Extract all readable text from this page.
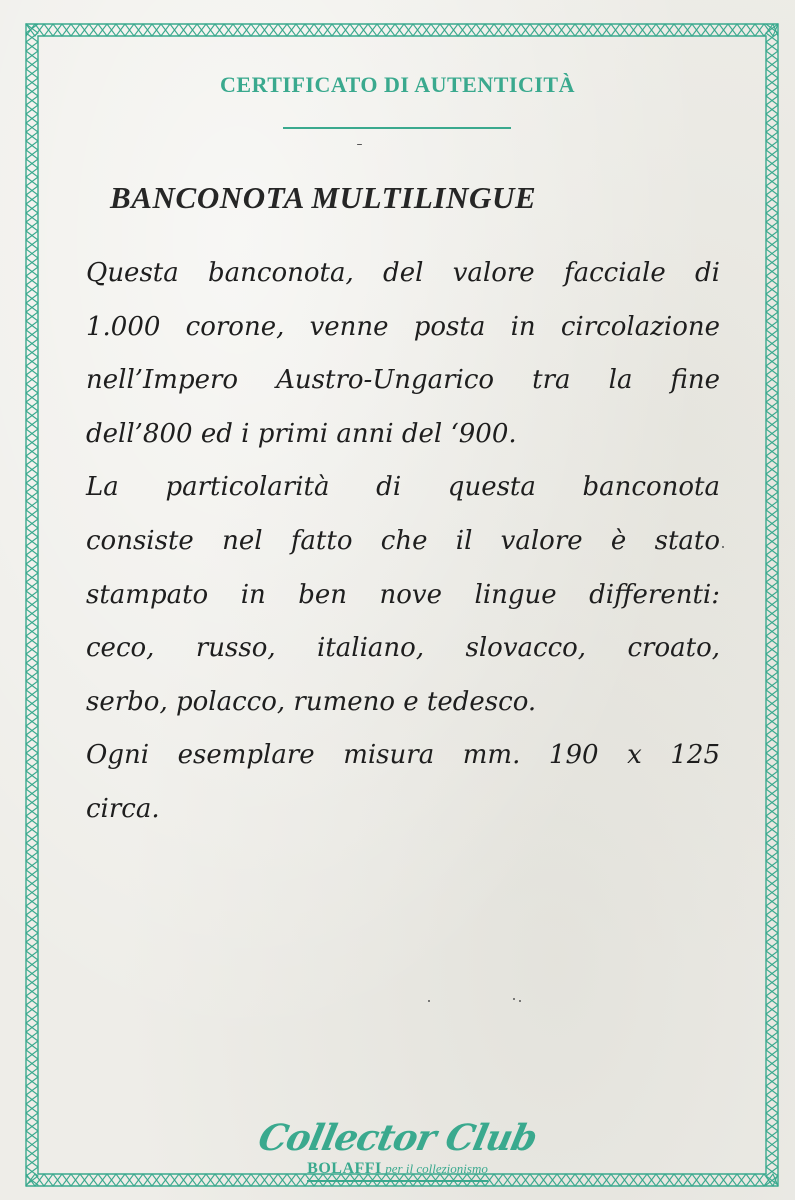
CERTIFICATO DI AUTENTICITÀ
BANCONOTA MULTILINGUE
Questa banconota, del valore facciale di
1.000 corone, venne posta in circolazione
nell’Impero Austro-Ungarico tra la fine
dell’800 ed i primi anni del ‘900.
La particolarità di questa banconota
consiste nel fatto che il valore è stato
stampato in ben nove lingue differenti:
ceco, russo, italiano, slovacco, croato,
serbo, polacco, rumeno e tedesco.
Ogni esemplare misura mm. 190 x 125
circa.
Collector Club
BOLAFFI per il collezionismo
